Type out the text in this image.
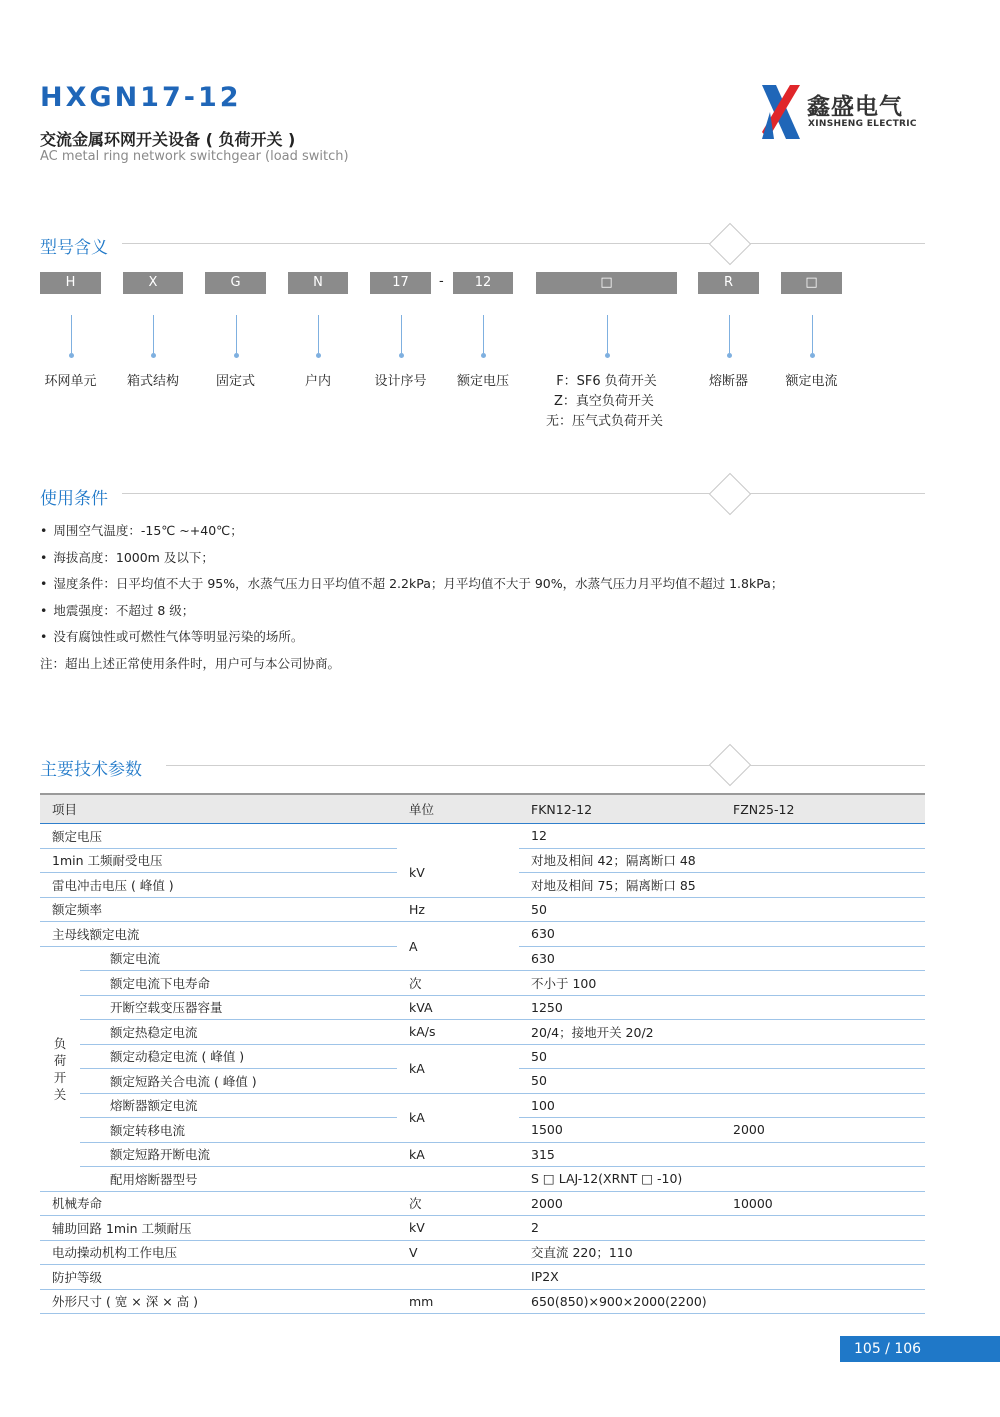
HXGN17-12
交流金属环网开关设备 ( 负荷开关 )
AC metal ring network switchgear (load switch)
鑫盛电气
XINSHENG ELECTRIC
型号含义
H
环网单元
X
箱式结构
G
固定式
N
户内
17
设计序号
12
额定电压
□
F：SF6 负荷开关
R
熔断器
□
额定电流
-
Z：真空负荷开关
无：压气式负荷开关
使用条件
• 周围空气温度：-15℃ ~+40℃；
• 海拔高度：1000m 及以下；
• 湿度条件：日平均值不大于 95%，水蒸气压力日平均值不超 2.2kPa；月平均值不大于 90%，水蒸气压力月平均值不超过 1.8kPa；
• 地震强度：不超过 8 级；
• 没有腐蚀性或可燃性气体等明显污染的场所。
注：超出上述正常使用条件时，用户可与本公司协商。
主要技术参数
项目		单位	FKN12-12	FZN25-12
额定电压			12	
1min 工频耐受电压		kV	对地及相间 42；隔离断口 48	
雷电冲击电压 ( 峰值 )			对地及相间 75；隔离断口 85	
额定频率		Hz	50	
主母线额定电流		A	630	

负
荷
开
关	额定电流		630	
	额定电流下电寿命	次	不小于 100	
	开断空载变压器容量	kVA	1250	
	额定热稳定电流	kA/s	20/4；接地开关 20/2	
	额定动稳定电流 ( 峰值 )	kA	50	
	额定短路关合电流 ( 峰值 )		50	
	熔断器额定电流	kA	100	
	额定转移电流		1500	2000
	额定短路开断电流	kA	315	
	配用熔断器型号		S □ LAJ-12(XRNT □ -10)	
机械寿命		次	2000	10000
辅助回路 1min 工频耐压		kV	2	
电动操动机构工作电压		V	交直流 220；110	
防护等级			IP2X	
外形尺寸 ( 宽 × 深 × 高 )		mm	650(850)×900×2000(2200)	
105 / 106
